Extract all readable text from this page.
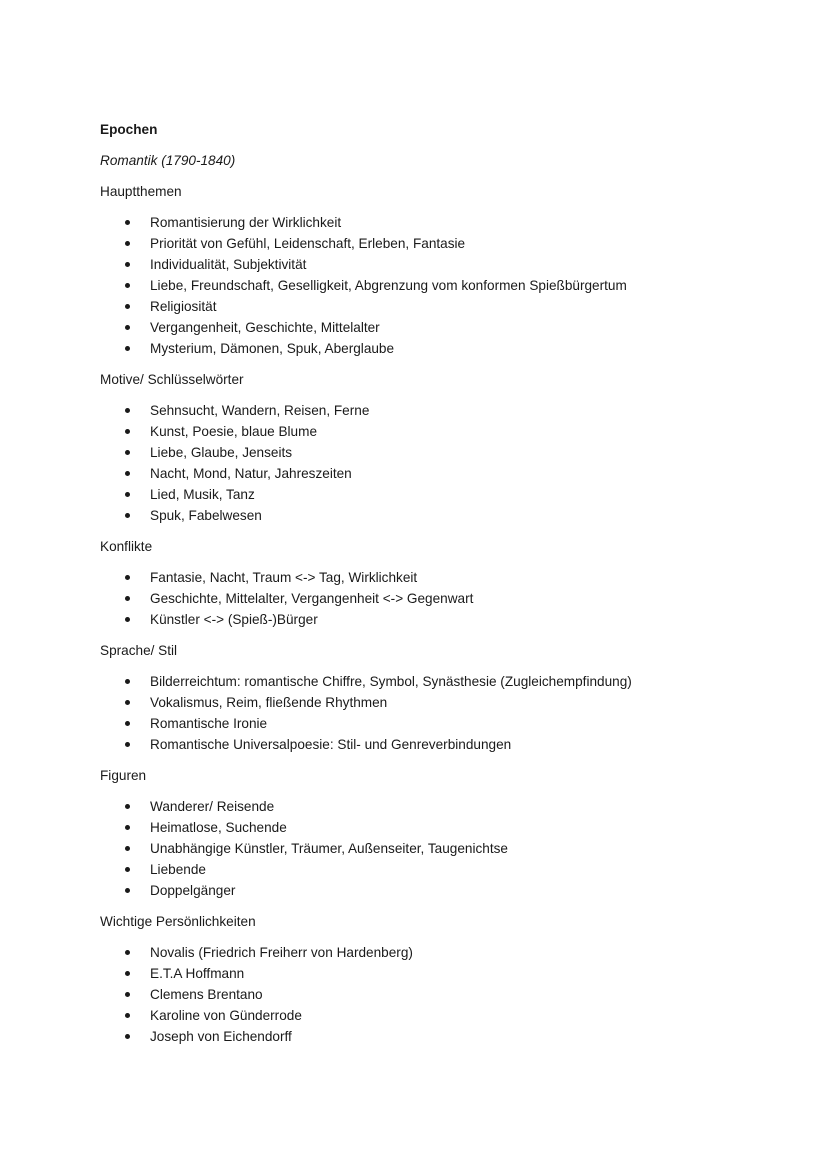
Epochen
Romantik (1790-1840)
Hauptthemen
Romantisierung der Wirklichkeit
Priorität von Gefühl, Leidenschaft, Erleben, Fantasie
Individualität, Subjektivität
Liebe, Freundschaft, Geselligkeit, Abgrenzung vom konformen Spießbürgertum
Religiosität
Vergangenheit, Geschichte, Mittelalter
Mysterium, Dämonen, Spuk, Aberglaube
Motive/ Schlüsselwörter
Sehnsucht, Wandern, Reisen, Ferne
Kunst, Poesie, blaue Blume
Liebe, Glaube, Jenseits
Nacht, Mond, Natur, Jahreszeiten
Lied, Musik, Tanz
Spuk, Fabelwesen
Konflikte
Fantasie, Nacht, Traum <-> Tag, Wirklichkeit
Geschichte, Mittelalter, Vergangenheit <-> Gegenwart
Künstler <-> (Spieß-)Bürger
Sprache/ Stil
Bilderreichtum: romantische Chiffre, Symbol, Synästhesie (Zugleichempfindung)
Vokalismus, Reim, fließende Rhythmen
Romantische Ironie
Romantische Universalpoesie: Stil- und Genreverbindungen
Figuren
Wanderer/ Reisende
Heimatlose, Suchende
Unabhängige Künstler, Träumer, Außenseiter, Taugenichtse
Liebende
Doppelgänger
Wichtige Persönlichkeiten
Novalis (Friedrich Freiherr von Hardenberg)
E.T.A Hoffmann
Clemens Brentano
Karoline von Günderrode
Joseph von Eichendorff
